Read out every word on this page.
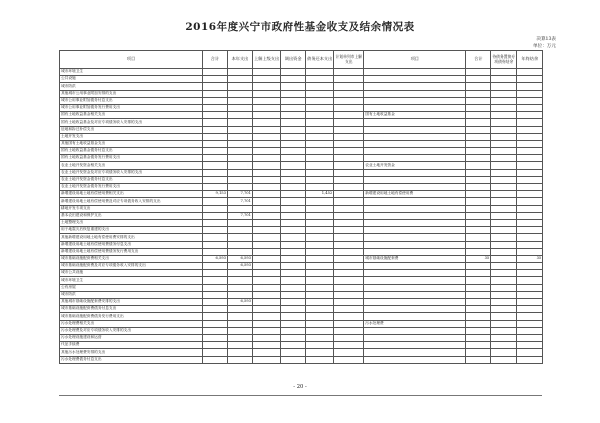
2016年度兴宁市政府性基金收支及结余情况表
决算13表
单位：万元
项目	合计	本年支出	上解上级支出	调出资金	债务还本支出	计划单列市上解支出	项目	合计	待债务置换专项债券结余	年终结余
城市环境卫生										
公共设施										
城市防洪										
其他城市公用事业附加安排的支出										
城市公用事业附加债务付息支出										
城市公用事业附加债务发行费用支出										
国有土地收益基金相关支出							国有土地收益基金			
国有土地收益基金及对应专项债务收入安排的支出										
征地和拆迁补偿支出										
土地开发支出										
其他国有土地收益基金支出										
国有土地收益基金债务付息支出										
国有土地收益基金债务发行费用支出										
农业土地开发资金相关支出							农业土地开发资金			
农业土地开发资金及对应专项债务收入安排的支出										
农业土地开发资金债务付息支出										
农业土地开发资金债务发行费用支出										
新增建设用地土地有偿使用费相关支出	9,153	7,701			1,452		新增建设用地土地有偿使用费			
新增建设用地土地有偿使用费及对应专项债务收入安排的支出		7,701								
耕地开发专项支出										
基本农田建设和保护支出		7,701								
土地整理支出										
用于地震灾后恢复重建的支出										
其他新增建设用地土地有偿使用费安排的支出										
新增建设用地土地有偿使用费债务付息支出										
新增建设用地土地有偿使用费债务发行费用支出										
城市基础设施配套费相关支出	6,593	6,593					城市基础设施配套费	35		35
城市基础设施配套费及对应专项债务收入安排的支出		6,593								
城市公共设施										
城市环境卫生										
公有房屋										
城市防洪										
其他城市基础设施配套费安排的支出		6,593								
城市基础设施配套费债务付息支出										
城市基础设施配套费债务发行费用支出										
污水处理费相关支出							污水处理费			
污水处理费及对应专项债务收入安排的支出										
污水处理设施建设和运营										
代征手续费										
其他污水处理费安排的支出										
污水处理费债务付息支出										
- 20 -
